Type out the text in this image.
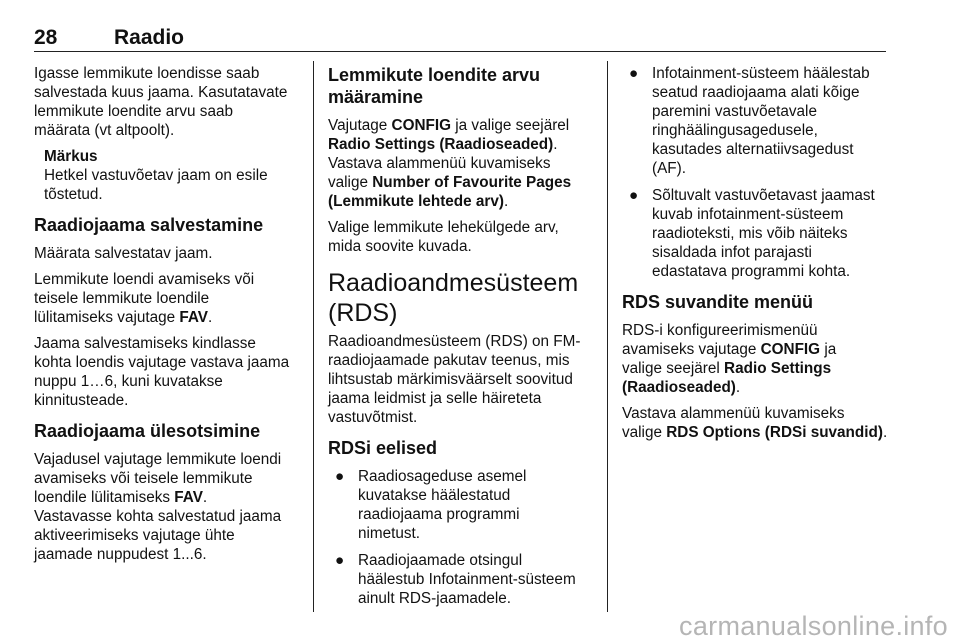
28	Raadio

Igasse lemmikute loendisse saab
salvestada kuus jaama. Kasutatavate
lemmikute loendite arvu saab
määrata (vt altpoolt).

Märkus
Hetkel vastuvõetav jaam on esile
tõstetud.
Raadiojaama salvestamine

Määrata salvestatav jaam.

Lemmikute loendi avamiseks või
teisele lemmikute loendile
lülitamiseks vajutage FAV.

Jaama salvestamiseks kindlasse
kohta loendis vajutage vastava jaama
nuppu 1…6, kuni kuvatakse
kinnitusteade.

Raadiojaama ülesotsimine

Vajadusel vajutage lemmikute loendi
avamiseks või teisele lemmikute
loendile lülitamiseks FAV.
Vastavasse kohta salvestatud jaama
aktiveerimiseks vajutage ühte
jaamade nuppudest 1...6.

Lemmikute loendite arvu
määramine

Vajutage CONFIG ja valige seejärel
Radio Settings (Raadioseaded).
Vastava alammenüü kuvamiseks
valige Number of Favourite Pages
(Lemmikute lehtede arv).

Valige lemmikute lehekülgede arv,
mida soovite kuvada.

Raadioandmesüsteem
(RDS)

Raadioandmesüsteem (RDS) on FM-
raadiojaamade pakutav teenus, mis
lihtsustab märkimisväärselt soovitud
jaama leidmist ja selle häireteta
vastuvõtmist.

RDSi eelised
● Raadiosageduse asemel
kuvatakse häälestatud
raadiojaama programmi
nimetust.
● Raadiojaamade otsingul
häälestub Infotainment-süsteem
ainult RDS-jaamadele.
● Infotainment-süsteem häälestab
seatud raadiojaama alati kõige
paremini vastuvõetavale
ringhäälingusagedusele,
kasutades alternatiivsagedust
(AF).
● Sõltuvalt vastuvõetavast jaamast
kuvab infotainment-süsteem
raadioteksti, mis võib näiteks
sisaldada infot parajasti
edastatava programmi kohta.
RDS suvandite menüü

RDS-i konfigureerimismenüü
avamiseks vajutage CONFIG ja
valige seejärel Radio Settings
(Raadioseaded).

Vastava alammenüü kuvamiseks
valige RDS Options (RDSi suvandid).

carmanualsonline.info
